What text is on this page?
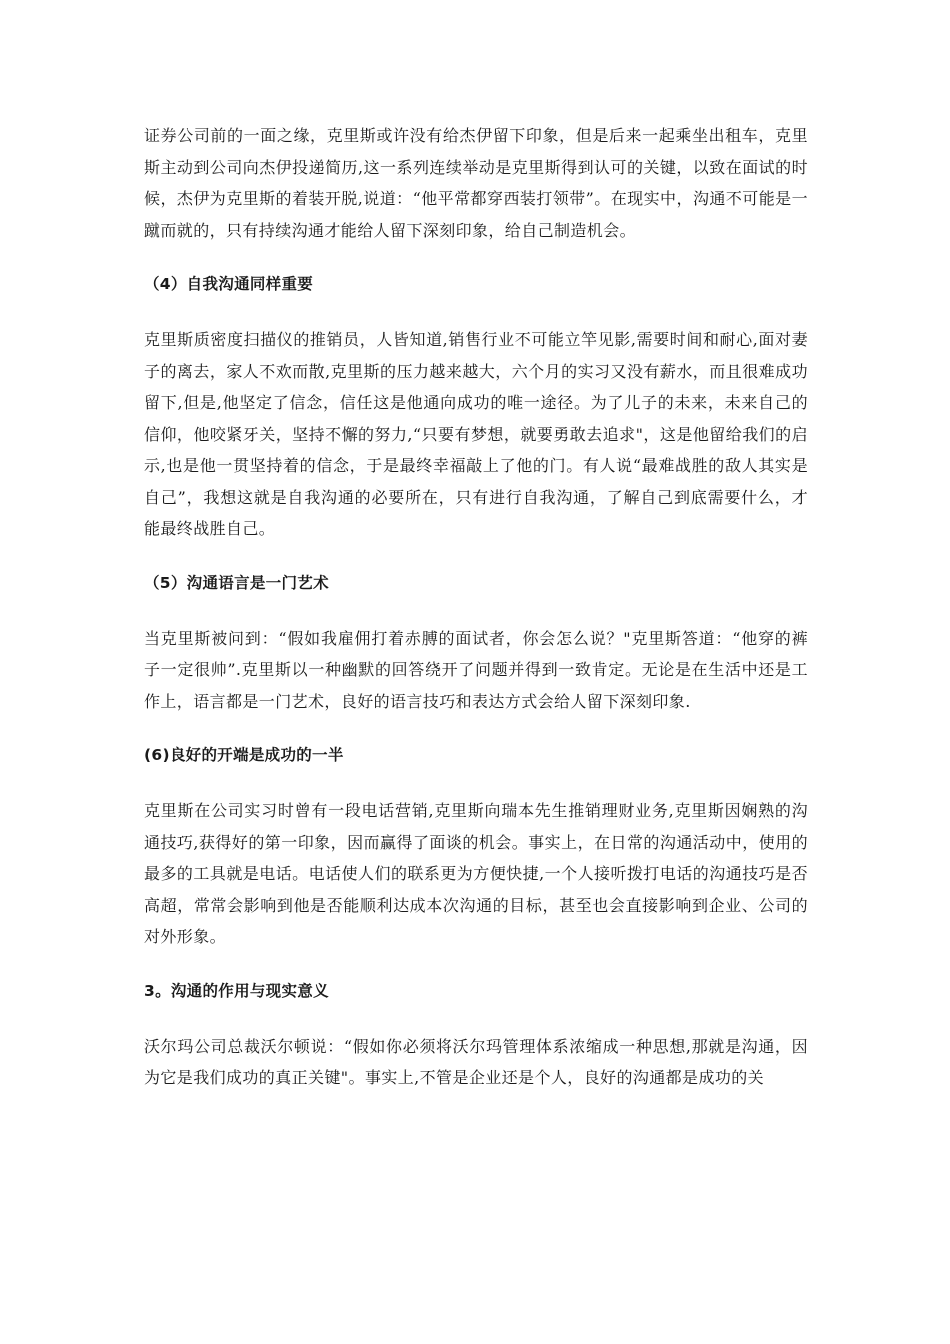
证券公司前的一面之缘，克里斯或许没有给杰伊留下印象，但是后来一起乘坐出租车，克里斯主动到公司向杰伊投递简历,这一系列连续举动是克里斯得到认可的关键，以致在面试的时候，杰伊为克里斯的着装开脱,说道：“他平常都穿西装打领带”。在现实中，沟通不可能是一蹴而就的，只有持续沟通才能给人留下深刻印象，给自己制造机会。

（4）自我沟通同样重要

克里斯质密度扫描仪的推销员，人皆知道,销售行业不可能立竿见影,需要时间和耐心,面对妻子的离去，家人不欢而散,克里斯的压力越来越大，六个月的实习又没有薪水，而且很难成功留下,但是,他坚定了信念，信任这是他通向成功的唯一途径。为了儿子的未来，未来自己的信仰，他咬紧牙关，坚持不懈的努力,“只要有梦想，就要勇敢去追求"，这是他留给我们的启示,也是他一贯坚持着的信念，于是最终幸福敲上了他的门。有人说“最难战胜的敌人其实是自己”，我想这就是自我沟通的必要所在，只有进行自我沟通，了解自己到底需要什么，才能最终战胜自己。

（5）沟通语言是一门艺术

当克里斯被问到：“假如我雇佣打着赤膊的面试者，你会怎么说？"克里斯答道：“他穿的裤子一定很帅”.克里斯以一种幽默的回答绕开了问题并得到一致肯定。无论是在生活中还是工作上，语言都是一门艺术，良好的语言技巧和表达方式会给人留下深刻印象.

(6)良好的开端是成功的一半

克里斯在公司实习时曾有一段电话营销,克里斯向瑞本先生推销理财业务,克里斯因娴熟的沟通技巧,获得好的第一印象，因而赢得了面谈的机会。事实上，在日常的沟通活动中，使用的最多的工具就是电话。电话使人们的联系更为方便快捷,一个人接听拨打电话的沟通技巧是否高超，常常会影响到他是否能顺利达成本次沟通的目标，甚至也会直接影响到企业、公司的对外形象。

3。沟通的作用与现实意义

沃尔玛公司总裁沃尔顿说：“假如你必须将沃尔玛管理体系浓缩成一种思想,那就是沟通，因为它是我们成功的真正关键"。事实上,不管是企业还是个人，良好的沟通都是成功的关
